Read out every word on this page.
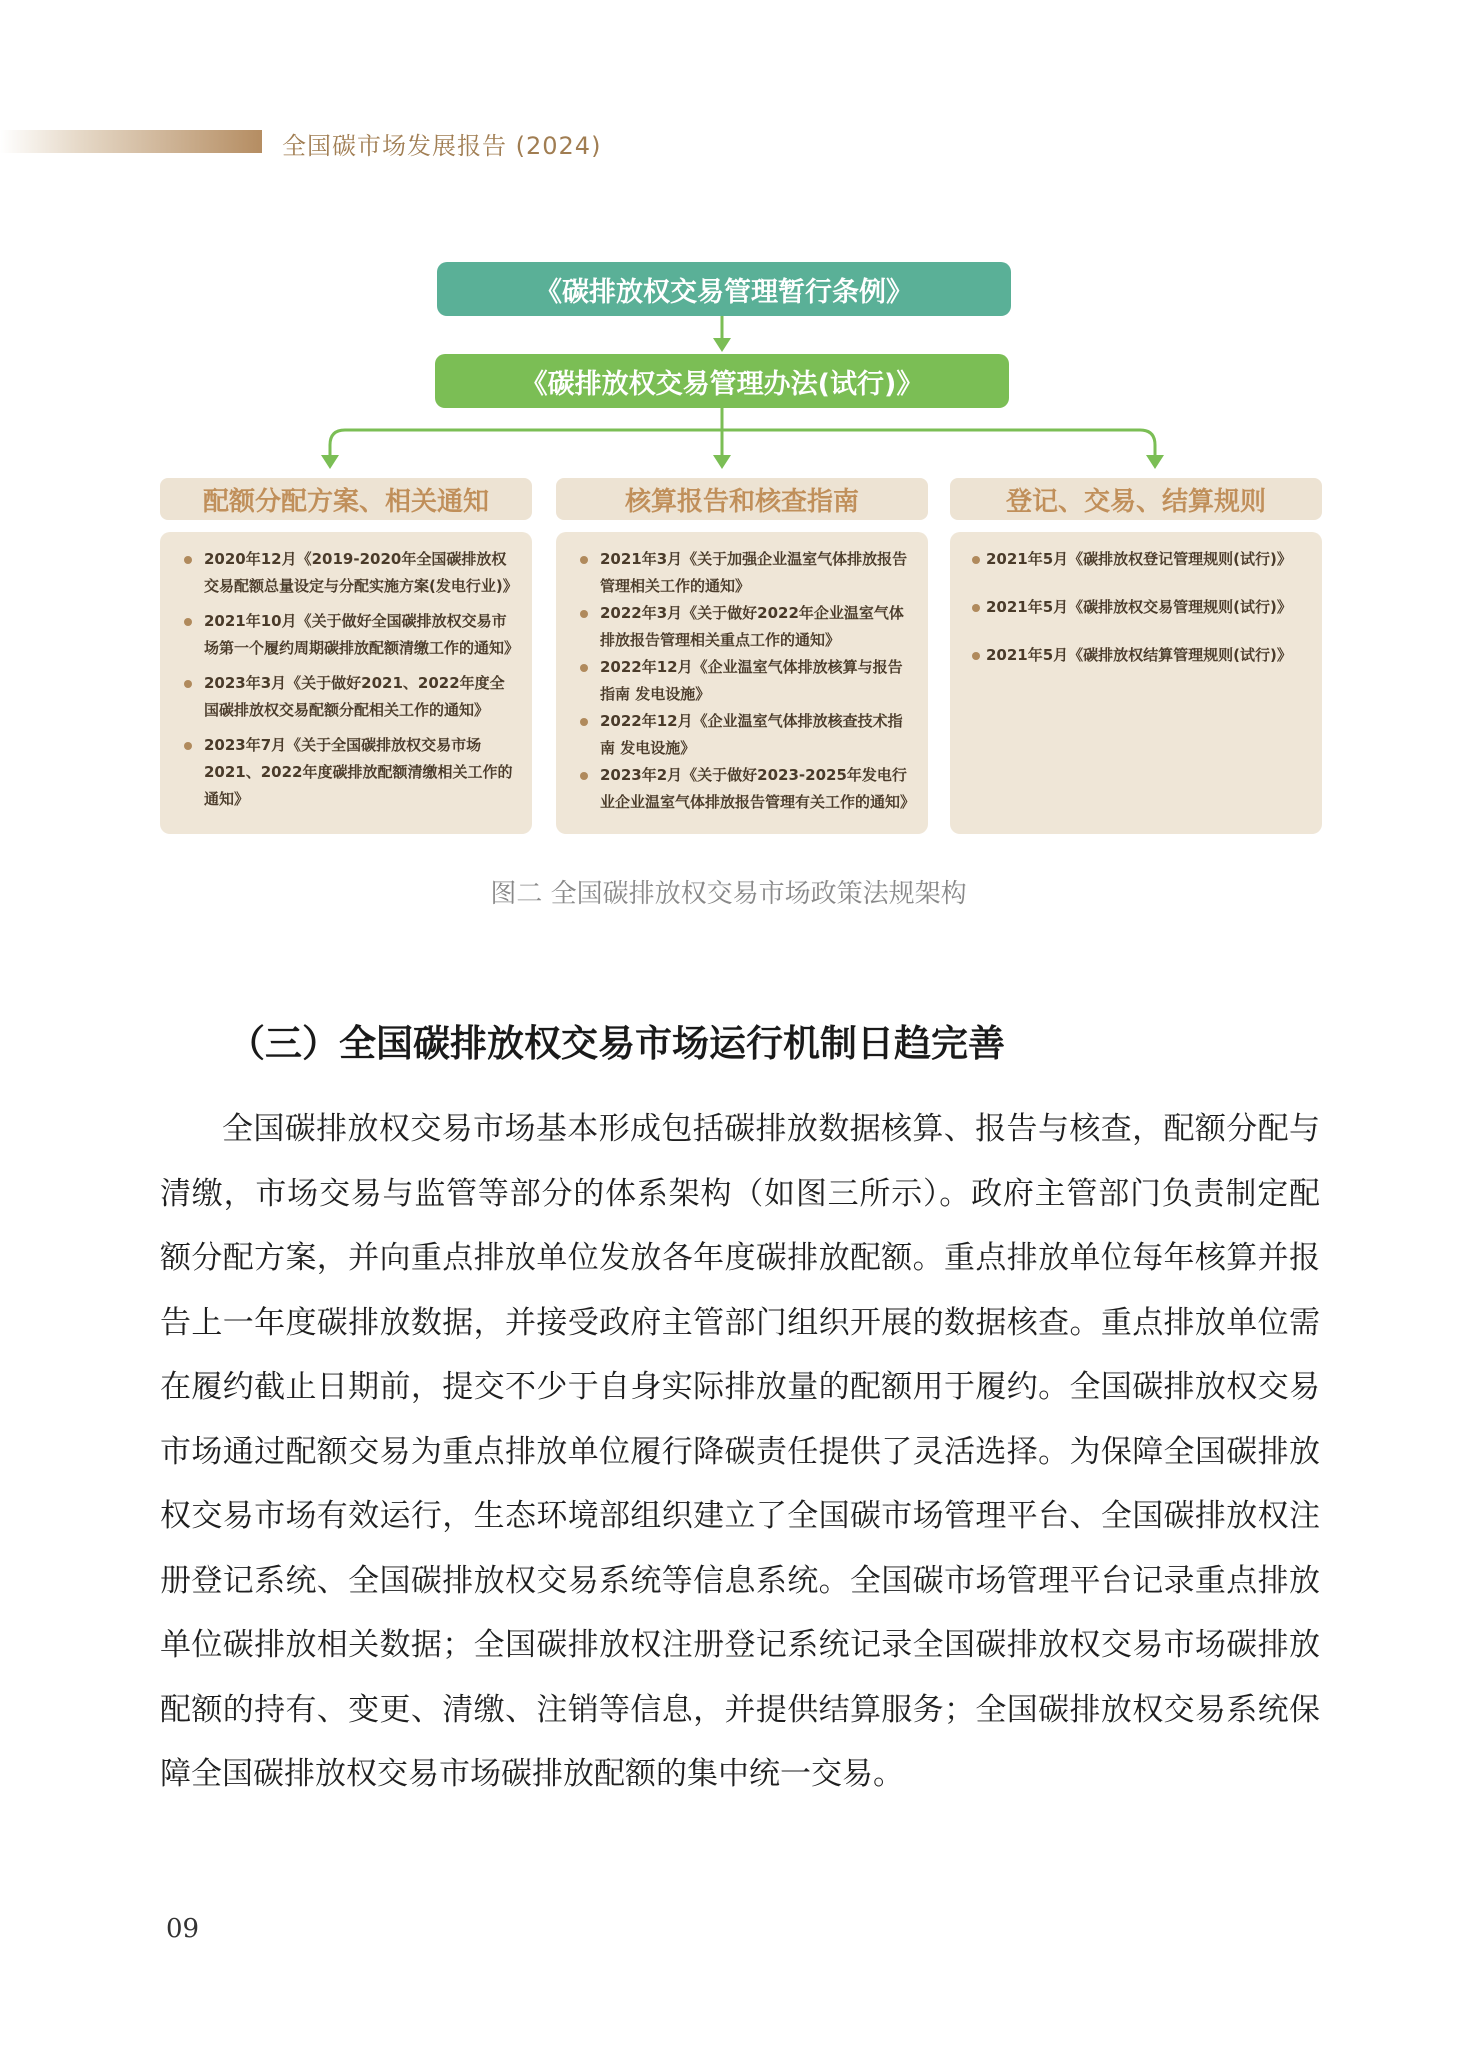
全国碳市场发展报告 (2024)
《碳排放权交易管理暂行条例》
《碳排放权交易管理办法(试行)》
配额分配方案、相关通知	核算报告和核查指南	登记、交易、结算规则
2020年12月《2019-2020年全国碳排放权交易配额总量设定与分配实施方案(发电行业)》
2021年10月《关于做好全国碳排放权交易市场第一个履约周期碳排放配额清缴工作的通知》
2023年3月《关于做好2021、2022年度全国碳排放权交易配额分配相关工作的通知》
2023年7月《关于全国碳排放权交易市场2021、2022年度碳排放配额清缴相关工作的通知》
2021年3月《关于加强企业温室气体排放报告管理相关工作的通知》
2022年3月《关于做好2022年企业温室气体排放报告管理相关重点工作的通知》
2022年12月《企业温室气体排放核算与报告指南 发电设施》
2022年12月《企业温室气体排放核查技术指南 发电设施》
2023年2月《关于做好2023-2025年发电行业企业温室气体排放报告管理有关工作的通知》
2021年5月《碳排放权登记管理规则(试行)》
2021年5月《碳排放权交易管理规则(试行)》
2021年5月《碳排放权结算管理规则(试行)》
图二 全国碳排放权交易市场政策法规架构
（三）全国碳排放权交易市场运行机制日趋完善

全国碳排放权交易市场基本形成包括碳排放数据核算、报告与核查，配额分配与清缴，市场交易与监管等部分的体系架构（如图三所示）。政府主管部门负责制定配额分配方案，并向重点排放单位发放各年度碳排放配额。重点排放单位每年核算并报告上一年度碳排放数据，并接受政府主管部门组织开展的数据核查。重点排放单位需在履约截止日期前，提交不少于自身实际排放量的配额用于履约。全国碳排放权交易市场通过配额交易为重点排放单位履行降碳责任提供了灵活选择。为保障全国碳排放权交易市场有效运行，生态环境部组织建立了全国碳市场管理平台、全国碳排放权注册登记系统、全国碳排放权交易系统等信息系统。全国碳市场管理平台记录重点排放单位碳排放相关数据；全国碳排放权注册登记系统记录全国碳排放权交易市场碳排放配额的持有、变更、清缴、注销等信息，并提供结算服务；全国碳排放权交易系统保障全国碳排放权交易市场碳排放配额的集中统一交易。

09
